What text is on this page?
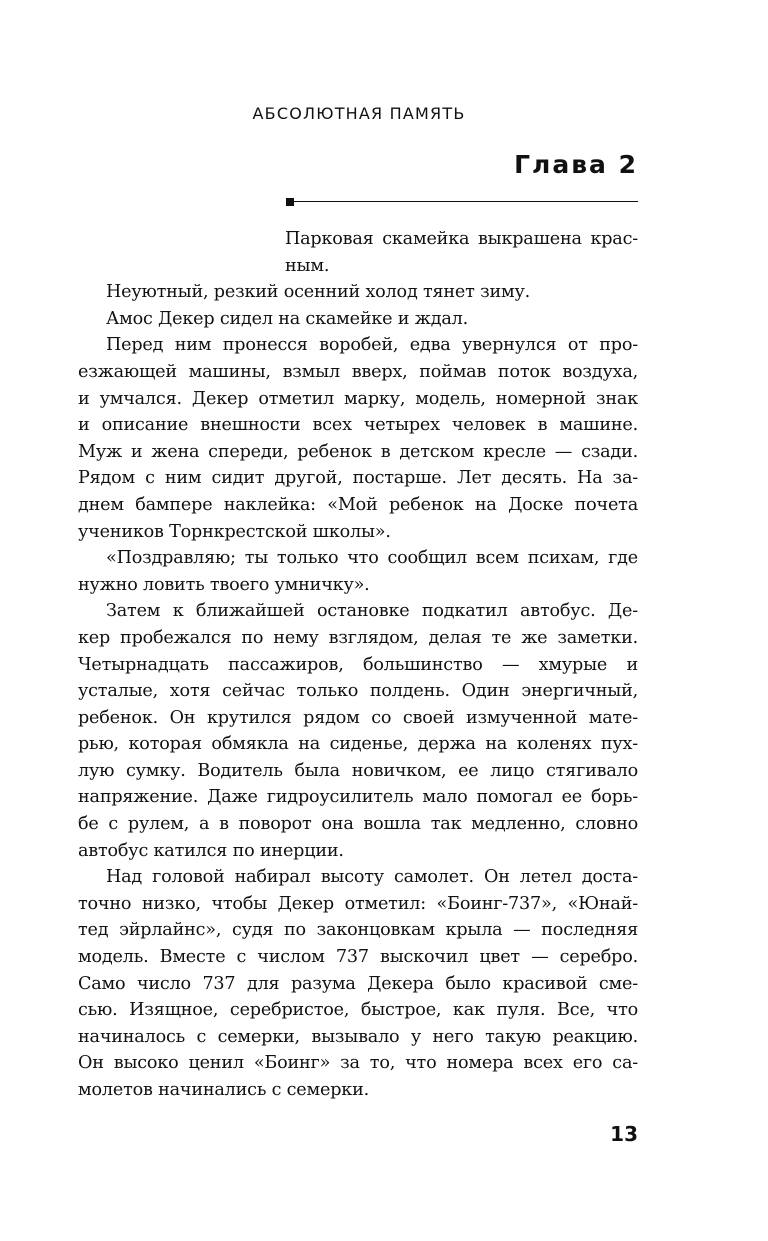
АБСОЛЮТНАЯ ПАМЯТЬ
Глава 2
Парковая скамейка выкрашена крас-
ным.
Неуютный, резкий осенний холод тянет зиму.
Амос Декер сидел на скамейке и ждал.
Перед ним пронесся воробей, едва увернулся от про-
езжающей машины, взмыл вверх, поймав поток воздуха,
и умчался. Декер отметил марку, модель, номерной знак
и описание внешности всех четырех человек в машине.
Муж и жена спереди, ребенок в детском кресле — сзади.
Рядом с ним сидит другой, постарше. Лет десять. На за-
днем бампере наклейка: «Мой ребенок на Доске почета
учеников Торнкрестской школы».
«Поздравляю; ты только что сообщил всем психам, где
нужно ловить твоего умничку».
Затем к ближайшей остановке подкатил автобус. Де-
кер пробежался по нему взглядом, делая те же заметки.
Четырнадцать пассажиров, большинство — хмурые и
усталые, хотя сейчас только полдень. Один энергичный,
ребенок. Он крутился рядом со своей измученной мате-
рью, которая обмякла на сиденье, держа на коленях пух-
лую сумку. Водитель была новичком, ее лицо стягивало
напряжение. Даже гидроусилитель мало помогал ее борь-
бе с рулем, а в поворот она вошла так медленно, словно
автобус катился по инерции.
Над головой набирал высоту самолет. Он летел доста-
точно низко, чтобы Декер отметил: «Боинг-737», «Юнай-
тед эйрлайнс», судя по законцовкам крыла — последняя
модель. Вместе с числом 737 выскочил цвет — серебро.
Само число 737 для разума Декера было красивой сме-
сью. Изящное, серебристое, быстрое, как пуля. Все, что
начиналось с семерки, вызывало у него такую реакцию.
Он высоко ценил «Боинг» за то, что номера всех его са-
молетов начинались с семерки.
13
